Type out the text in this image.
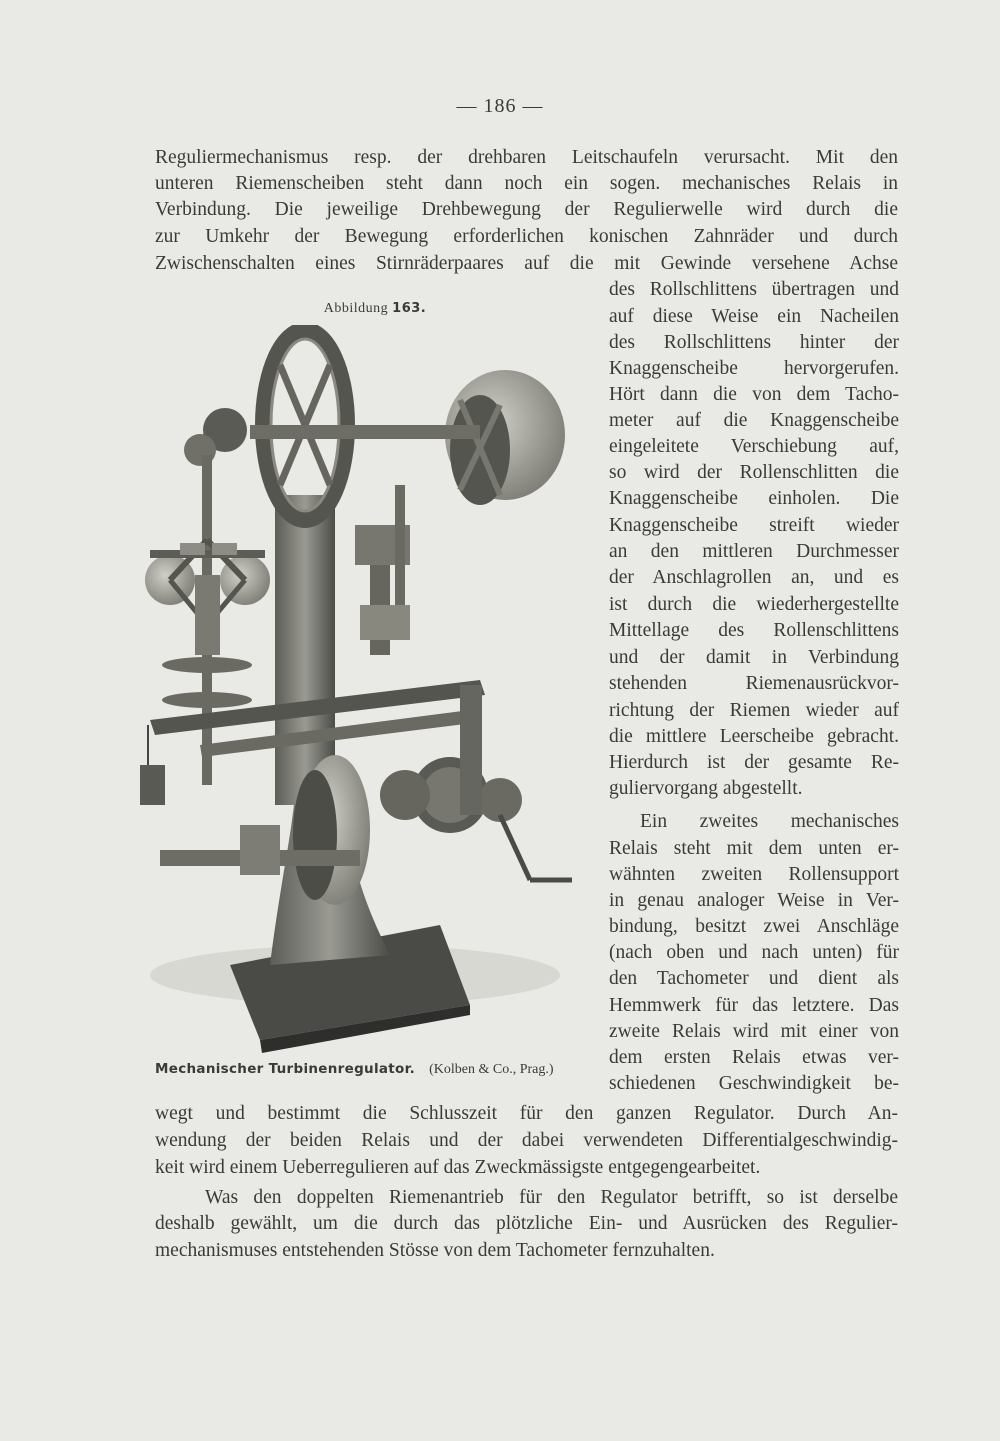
— 186 —

Reguliermechanismus resp. der drehbaren Leitschaufeln verursacht. Mit den

unteren Riemenscheiben steht dann noch ein sogen. mechanisches Relais in

Verbindung. Die jeweilige Drehbewegung der Regulierwelle wird durch die

zur Umkehr der Bewegung erforderlichen konischen Zahnräder und durch

Zwischenschalten eines Stirnräderpaares auf die mit Gewinde versehene Achse

des Rollschlittens übertragen und

auf diese Weise ein Nacheilen

des Rollschlittens hinter der

Knaggenscheibe hervorgerufen.

Hört dann die von dem Tacho-

meter auf die Knaggenscheibe

eingeleitete Verschiebung auf,

so wird der Rollenschlitten die

Knaggenscheibe einholen. Die

Knaggenscheibe streift wieder

an den mittleren Durchmesser

der Anschlagrollen an, und es

ist durch die wiederhergestellte

Mittellage des Rollenschlittens

und der damit in Verbindung

stehenden Riemenausrückvor-

richtung der Riemen wieder auf

die mittlere Leerscheibe gebracht.

Hierdurch ist der gesamte Re-

guliervorgang abgestellt.

Ein zweites mechanisches

Relais steht mit dem unten er-

wähnten zweiten Rollensupport

in genau analoger Weise in Ver-

bindung, besitzt zwei Anschläge

(nach oben und nach unten) für

den Tachometer und dient als

Hemmwerk für das letztere. Das

zweite Relais wird mit einer von

dem ersten Relais etwas ver-

schiedenen Geschwindigkeit be-

wegt und bestimmt die Schlusszeit für den ganzen Regulator. Durch An-

wendung der beiden Relais und der dabei verwendeten Differentialgeschwindig-

keit wird einem Ueberregulieren auf das Zweckmässigste entgegengearbeitet.

Was den doppelten Riemenantrieb für den Regulator betrifft, so ist derselbe

deshalb gewählt, um die durch das plötzliche Ein- und Ausrücken des Regulier-

mechanismuses entstehenden Stösse von dem Tachometer fernzuhalten.

Abbildung 163.
Mechanischer Turbinenregulator. (Kolben & Co., Prag.)
